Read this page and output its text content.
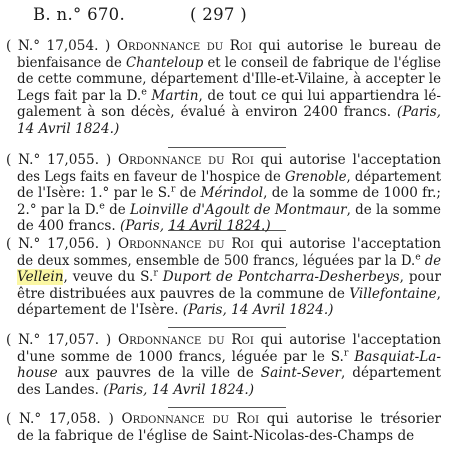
B. n.° 670.	( 297 )
( N.° 17,054. ) Ordonnance du Roi qui autorise le bureau de
bienfaisance de Chanteloup et le conseil de fabrique de l'église
de cette commune, département d'Ille-et-Vilaine, à accepter le
Legs fait par la D.$^e$ Martin, de tout ce qui lui appartiendra lé-
galement à son décès, évalué à environ 2400 francs. (Paris,
14 Avril 1824.)
( N.° 17,055. ) Ordonnance du Roi qui autorise l'acceptation
des Legs faits en faveur de l'hospice de Grenoble, département
de l'Isère: 1.° par le S.$^r$ de Mérindol, de la somme de 1000 fr.;
2.° par la D.$^e$ de Loinville d'Agoult de Montmaur, de la somme
de 400 francs. (Paris, 14 Avril 1824.)
( N.° 17,056. ) Ordonnance du Roi qui autorise l'acceptation
de deux sommes, ensemble de 500 francs, léguées par la D.$^e$ de
Vellein, veuve du S.$^r$ Duport de Pontcharra-Desherbeys, pour
être distribuées aux pauvres de la commune de Villefontaine,
département de l'Isère. (Paris, 14 Avril 1824.)
( N.° 17,057. ) Ordonnance du Roi qui autorise l'acceptation
d'une somme de 1000 francs, léguée par le S.$^r$ Basquiat-La-
house aux pauvres de la ville de Saint-Sever, département
des Landes. (Paris, 14 Avril 1824.)
( N.° 17,058. ) Ordonnance du Roi qui autorise le trésorier
de la fabrique de l'église de Saint-Nicolas-des-Champs de
